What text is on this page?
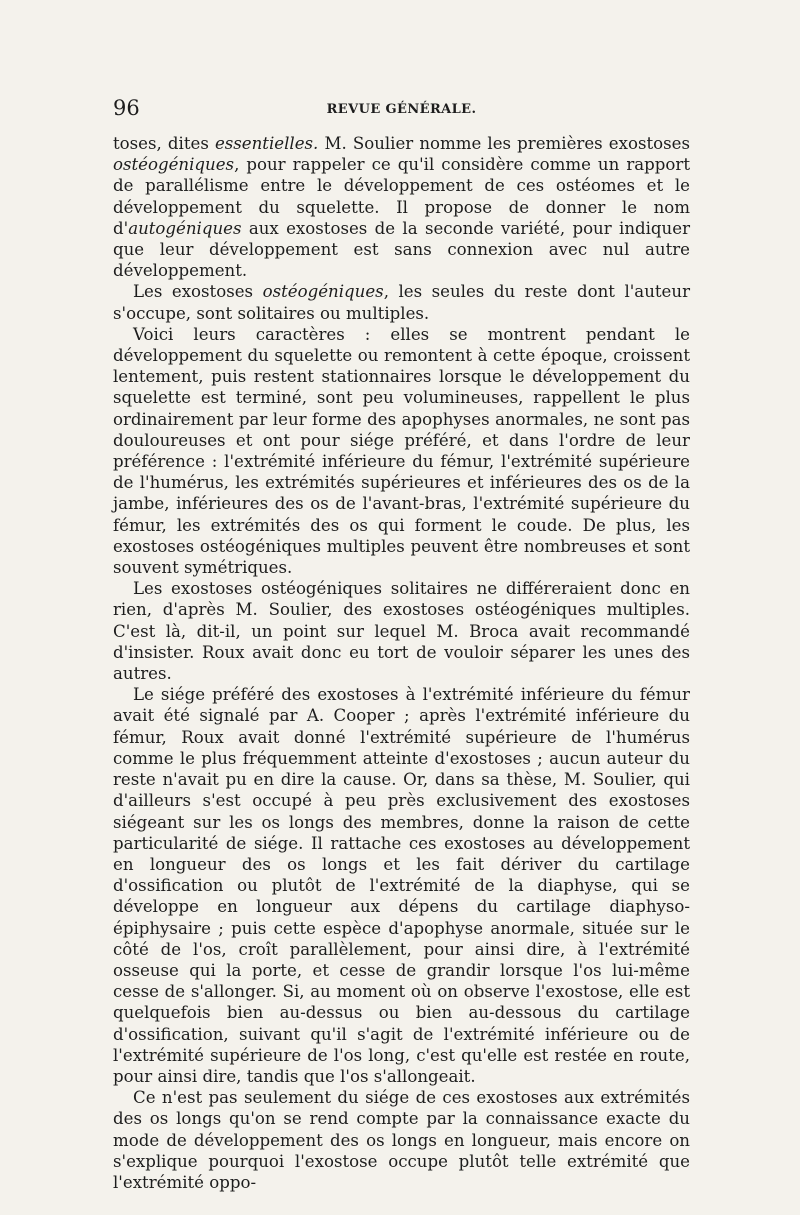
96	REVUE GÉNÉRALE.

toses, dites essentielles. M. Soulier nomme les premières exostoses ostéogéniques, pour rappeler ce qu'il considère comme un rapport de parallélisme entre le développement de ces ostéomes et le développement du squelette. Il propose de donner le nom d'autogéniques aux exostoses de la seconde variété, pour indiquer que leur développement est sans connexion avec nul autre développement.

Les exostoses ostéogéniques, les seules du reste dont l'auteur s'occupe, sont solitaires ou multiples.

Voici leurs caractères : elles se montrent pendant le développement du squelette ou remontent à cette époque, croissent lentement, puis restent stationnaires lorsque le développement du squelette est terminé, sont peu volumineuses, rappellent le plus ordinairement par leur forme des apophyses anormales, ne sont pas douloureuses et ont pour siége préféré, et dans l'ordre de leur préférence : l'extrémité inférieure du fémur, l'extrémité supérieure de l'humérus, les extrémités supérieures et inférieures des os de la jambe, inférieures des os de l'avant-bras, l'extrémité supérieure du fémur, les extrémités des os qui forment le coude. De plus, les exostoses ostéogéniques multiples peuvent être nombreuses et sont souvent symétriques.

Les exostoses ostéogéniques solitaires ne différeraient donc en rien, d'après M. Soulier, des exostoses ostéogéniques multiples. C'est là, dit-il, un point sur lequel M. Broca avait recommandé d'insister. Roux avait donc eu tort de vouloir séparer les unes des autres.

Le siége préféré des exostoses à l'extrémité inférieure du fémur avait été signalé par A. Cooper ; après l'extrémité inférieure du fémur, Roux avait donné l'extrémité supérieure de l'humérus comme le plus fréquemment atteinte d'exostoses ; aucun auteur du reste n'avait pu en dire la cause. Or, dans sa thèse, M. Soulier, qui d'ailleurs s'est occupé à peu près exclusivement des exostoses siégeant sur les os longs des membres, donne la raison de cette particularité de siége. Il rattache ces exostoses au développement en longueur des os longs et les fait dériver du cartilage d'ossification ou plutôt de l'extrémité de la diaphyse, qui se développe en longueur aux dépens du cartilage diaphyso-épiphysaire ; puis cette espèce d'apophyse anormale, située sur le côté de l'os, croît parallèlement, pour ainsi dire, à l'extrémité osseuse qui la porte, et cesse de grandir lorsque l'os lui-même cesse de s'allonger. Si, au moment où on observe l'exostose, elle est quelquefois bien au-dessus ou bien au-dessous du cartilage d'ossification, suivant qu'il s'agit de l'extrémité inférieure ou de l'extrémité supérieure de l'os long, c'est qu'elle est restée en route, pour ainsi dire, tandis que l'os s'allongeait.

Ce n'est pas seulement du siége de ces exostoses aux extrémités des os longs qu'on se rend compte par la connaissance exacte du mode de développement des os longs en longueur, mais encore on s'explique pourquoi l'exostose occupe plutôt telle extrémité que l'extrémité oppo-
